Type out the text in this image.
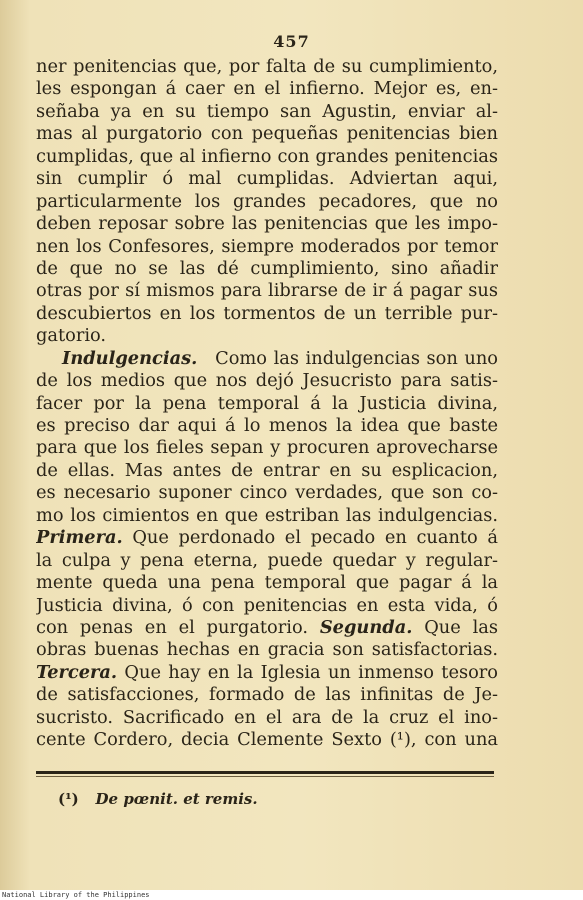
457
ner penitencias que, por falta de su cumplimiento,
les espongan á caer en el infierno. Mejor es, en-
señaba ya en su tiempo san Agustin, enviar al-
mas al purgatorio con pequeñas penitencias bien
cumplidas, que al infierno con grandes penitencias
sin cumplir ó mal cumplidas. Adviertan aqui,
particularmente los grandes pecadores, que no
deben reposar sobre las penitencias que les impo-
nen los Confesores, siempre moderados por temor
de que no se las dé cumplimiento, sino añadir
otras por sí mismos para librarse de ir á pagar sus
descubiertos en los tormentos de un terrible pur-
gatorio.
Indulgencias.  Como las indulgencias son uno
de los medios que nos dejó Jesucristo para satis-
facer por la pena temporal á la Justicia divina,
es preciso dar aqui á lo menos la idea que baste
para que los fieles sepan y procuren aprovecharse
de ellas. Mas antes de entrar en su esplicacion,
es necesario suponer cinco verdades, que son co-
mo los cimientos en que estriban las indulgencias.
Primera. Que perdonado el pecado en cuanto á
la culpa y pena eterna, puede quedar y regular-
mente queda una pena temporal que pagar á la
Justicia divina, ó con penitencias en esta vida, ó
con penas en el purgatorio. Segunda. Que las
obras buenas hechas en gracia son satisfactorias.
Tercera. Que hay en la Iglesia un inmenso tesoro
de satisfacciones, formado de las infinitas de Je-
sucristo. Sacrificado en el ara de la cruz el ino-
cente Cordero, decia Clemente Sexto (¹), con una
(¹) De pœnit. et remis.
National Library of the Philippines
